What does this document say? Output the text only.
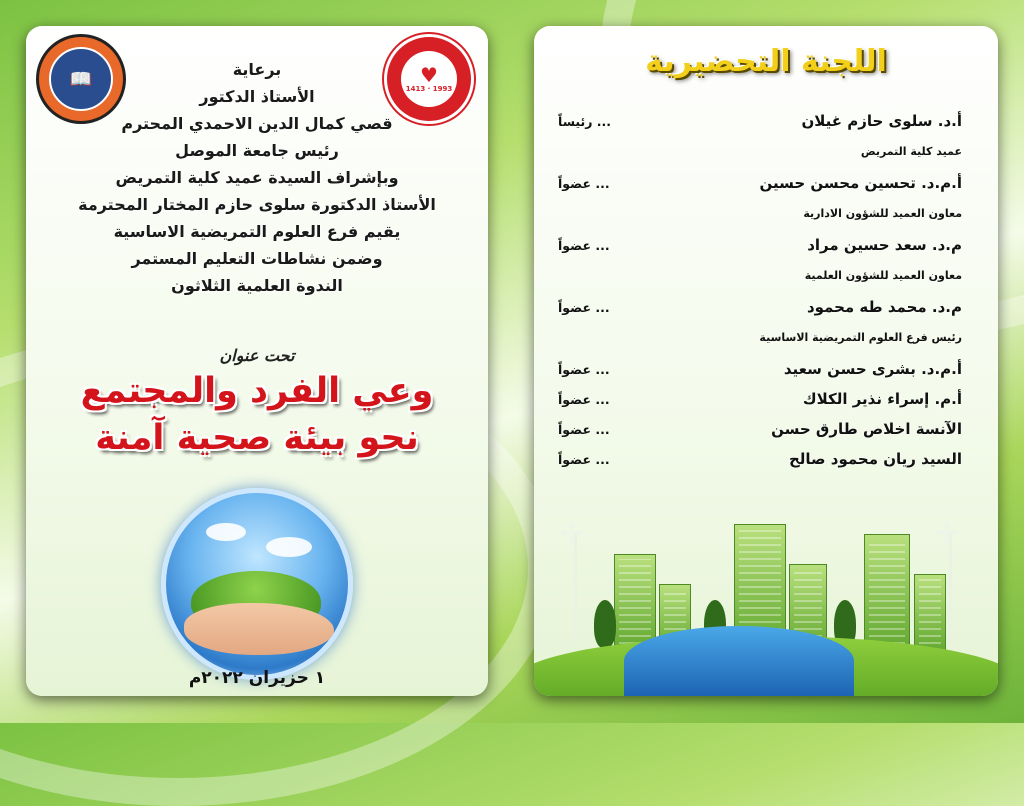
📖	♥
1413 · 1993
برعاية
الأستاذ الدكتور
قصي كمال الدين الاحمدي المحترم
رئيس جامعة الموصل
وبإشراف السيدة عميد كلية التمريض
الأستاذ الدكتورة سلوى حازم المختار المحترمة
يقيم فرع العلوم التمريضية الاساسية
وضمن نشاطات التعليم المستمر
الندوة العلمية الثلاثون
تحت عنوان
وعي الفرد والمجتمع
نحو بيئة صحية آمنة
١ حزيران ٢٠٢٢م
اللجنة التحضيرية
أ.د. سلوى حازم غيلان
... رئيساً
عميد كلية التمريض
أ.م.د. تحسين محسن حسين
... عضواً
معاون العميد للشؤون الادارية
م.د. سعد حسين مراد
... عضواً
معاون العميد للشؤون العلمية
م.د. محمد طه محمود
... عضواً
رئيس فرع العلوم التمريضية الاساسية
أ.م.د. بشرى حسن سعيد
... عضواً
أ.م. إسراء نذير الكلاك
... عضواً
الآنسة اخلاص طارق حسن
... عضواً
السيد ريان محمود صالح
... عضواً
✢	✢
